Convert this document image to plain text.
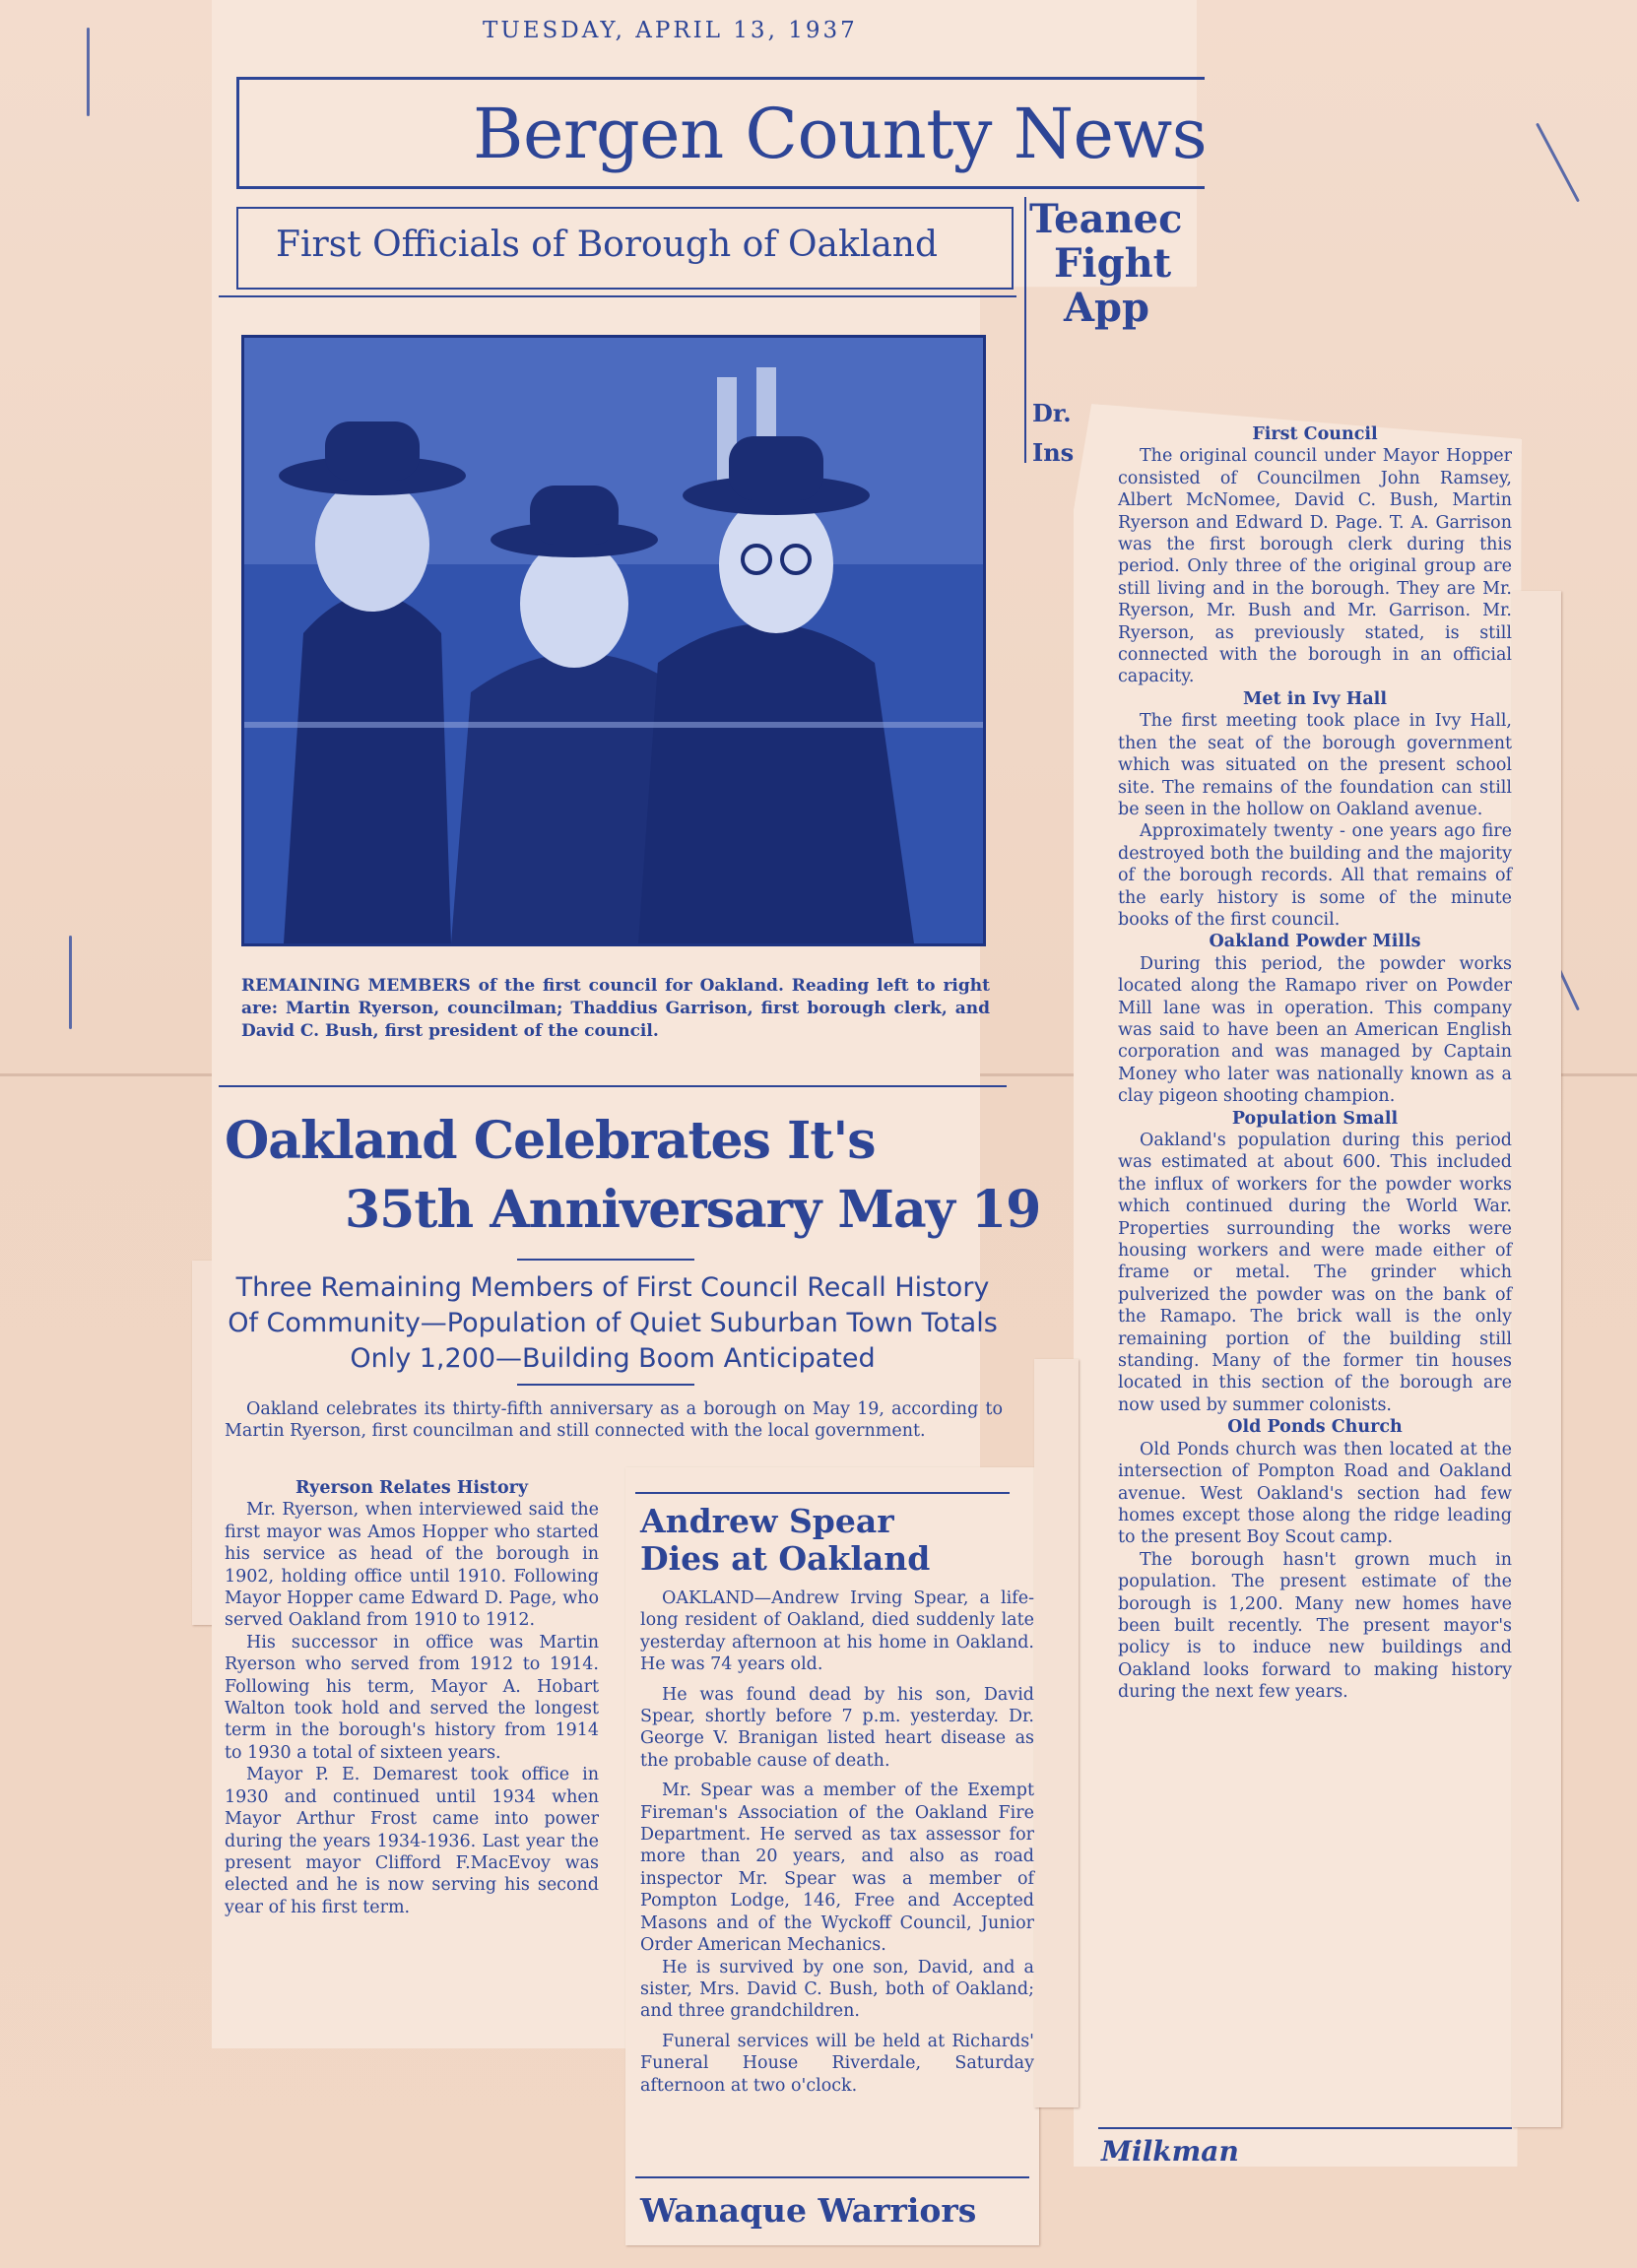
TUESDAY, APRIL 13, 1937
Bergen County News
First Officials of Borough of Oakland
REMAINING MEMBERS of the first council for Oakland. Reading left to right are: Martin Ryerson, councilman; Thaddius Garrison, first borough clerk, and David C. Bush, first president of the council.
Oakland Celebrates It's
35th Anniversary May 19
Three Remaining Members of First Council Recall History Of Community—Population of Quiet Suburban Town Totals Only 1,200—Building Boom Anticipated

Oakland celebrates its thirty-fifth anniversary as a borough on May 19, according to Martin Ryerson, first councilman and still connected with the local government.

Ryerson Relates History

Mr. Ryerson, when interviewed said the first mayor was Amos Hopper who started his service as head of the borough in 1902, holding office until 1910. Following Mayor Hopper came Edward D. Page, who served Oakland from 1910 to 1912.

His successor in office was Martin Ryerson who served from 1912 to 1914. Following his term, Mayor A. Hobart Walton took hold and served the longest term in the borough's history from 1914 to 1930 a total of sixteen years.

Mayor P. E. Demarest took office in 1930 and continued until 1934 when Mayor Arthur Frost came into power during the years 1934-1936. Last year the present mayor Clifford F.MacEvoy was elected and he is now serving his second year of his first term.

Andrew Spear
Dies at Oakland

OAKLAND—Andrew Irving Spear, a life-long resident of Oakland, died suddenly late yesterday afternoon at his home in Oakland. He was 74 years old.

He was found dead by his son, David Spear, shortly before 7 p.m. yesterday. Dr. George V. Branigan listed heart disease as the probable cause of death.

Mr. Spear was a member of the Exempt Fireman's Association of the Oakland Fire Department. He served as tax assessor for more than 20 years, and also as road inspector Mr. Spear was a member of Pompton Lodge, 146, Free and Accepted Masons and of the Wyckoff Council, Junior Order American Mechanics.

He is survived by one son, David, and a sister, Mrs. David C. Bush, both of Oakland; and three grandchildren.

Funeral services will be held at Richards' Funeral House Riverdale, Saturday afternoon at two o'clock.

Wanaque Warriors
Teanec
Fight
App
Dr.
Ins
First Council

The original council under Mayor Hopper consisted of Councilmen John Ramsey, Albert McNomee, David C. Bush, Martin Ryerson and Edward D. Page. T. A. Garrison was the first borough clerk during this period. Only three of the original group are still living and in the borough. They are Mr. Ryerson, Mr. Bush and Mr. Garrison. Mr. Ryerson, as previously stated, is still connected with the borough in an official capacity.

Met in Ivy Hall

The first meeting took place in Ivy Hall, then the seat of the borough government which was situated on the present school site. The remains of the foundation can still be seen in the hollow on Oakland avenue.

Approximately twenty - one years ago fire destroyed both the building and the majority of the borough records. All that remains of the early history is some of the minute books of the first council.

Oakland Powder Mills

During this period, the powder works located along the Ramapo river on Powder Mill lane was in operation. This company was said to have been an American English corporation and was managed by Captain Money who later was nationally known as a clay pigeon shooting champion.

Population Small

Oakland's population during this period was estimated at about 600. This included the influx of workers for the powder works which continued during the World War. Properties surrounding the works were housing workers and were made either of frame or metal. The grinder which pulverized the powder was on the bank of the Ramapo. The brick wall is the only remaining portion of the building still standing. Many of the former tin houses located in this section of the borough are now used by summer colonists.

Old Ponds Church

Old Ponds church was then located at the intersection of Pompton Road and Oakland avenue. West Oakland's section had few homes except those along the ridge leading to the present Boy Scout camp.

The borough hasn't grown much in population. The present estimate of the borough is 1,200. Many new homes have been built recently. The present mayor's policy is to induce new buildings and Oakland looks forward to making history during the next few years.

Milkman
